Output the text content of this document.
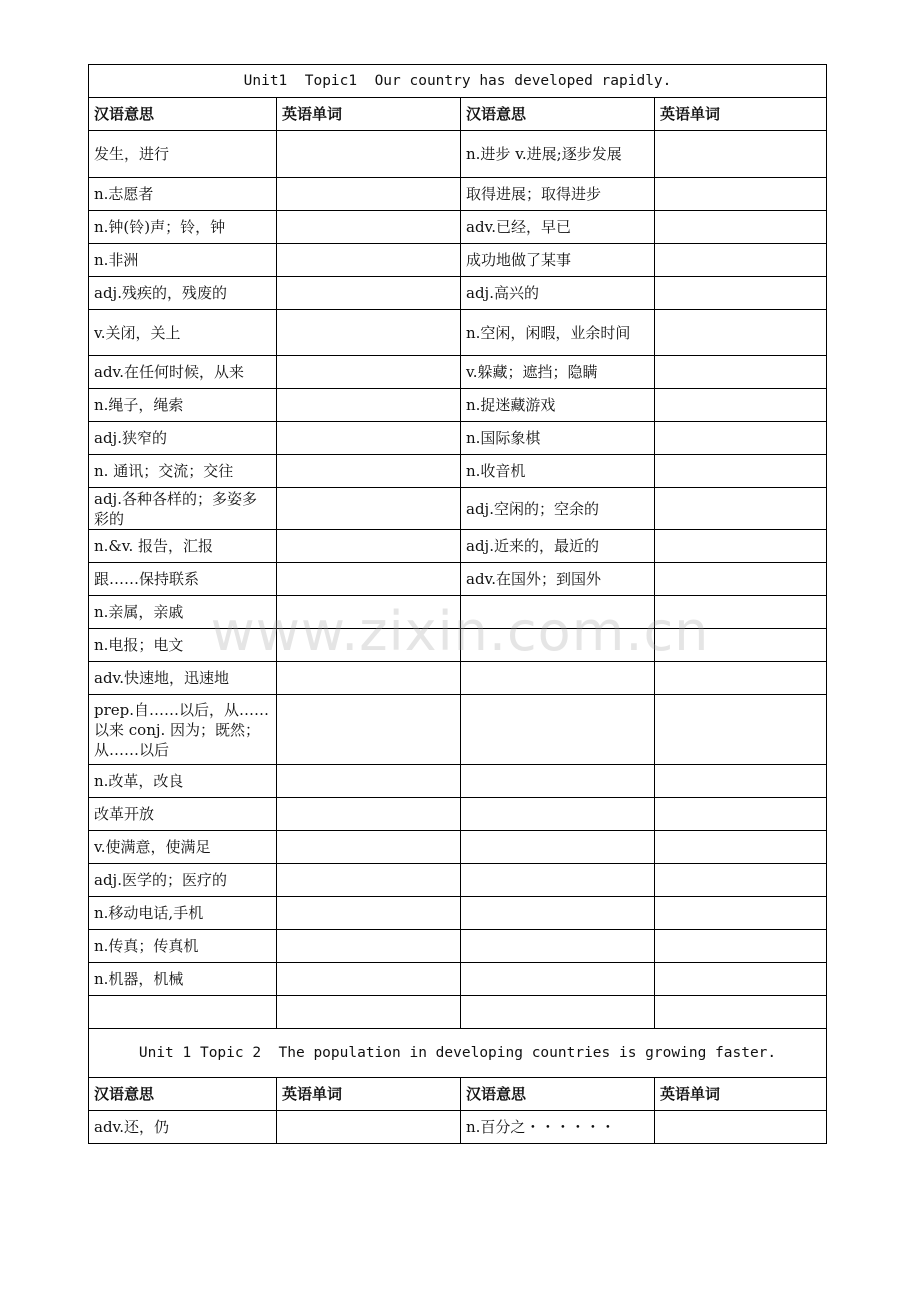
Unit1  Topic1  Our country has developed rapidly.			
汉语意思	英语单词	汉语意思	英语单词
发生，进行		n.进步 v.进展;逐步发展	
n.志愿者		取得进展；取得进步	
n.钟(铃)声；铃，钟		adv.已经，早已	
n.非洲		成功地做了某事	
adj.残疾的，残废的		adj.高兴的	
v.关闭，关上		n.空闲，闲暇，业余时间	
adv.在任何时候，从来		v.躲藏；遮挡；隐瞒	
n.绳子，绳索		n.捉迷藏游戏	
adj.狭窄的		n.国际象棋	
n. 通讯；交流；交往		n.收音机	
adj.各种各样的；多姿多彩的		adj.空闲的；空余的	
n.&v. 报告，汇报		adj.近来的，最近的	
跟……保持联系		adv.在国外；到国外	
n.亲属，亲戚			
n.电报；电文			
adv.快速地，迅速地			
prep.自……以后，从……以来 conj. 因为；既然；从……以后			
n.改革，改良			
改革开放			
v.使满意，使满足			
adj.医学的；医疗的			
n.移动电话,手机			
n.传真；传真机			
n.机器，机械			

Unit 1 Topic 2  The population in developing countries is growing faster.			
汉语意思	英语单词	汉语意思	英语单词
adv.还，仍		n.百分之・・・・・・	
www.zixin.com.cn
